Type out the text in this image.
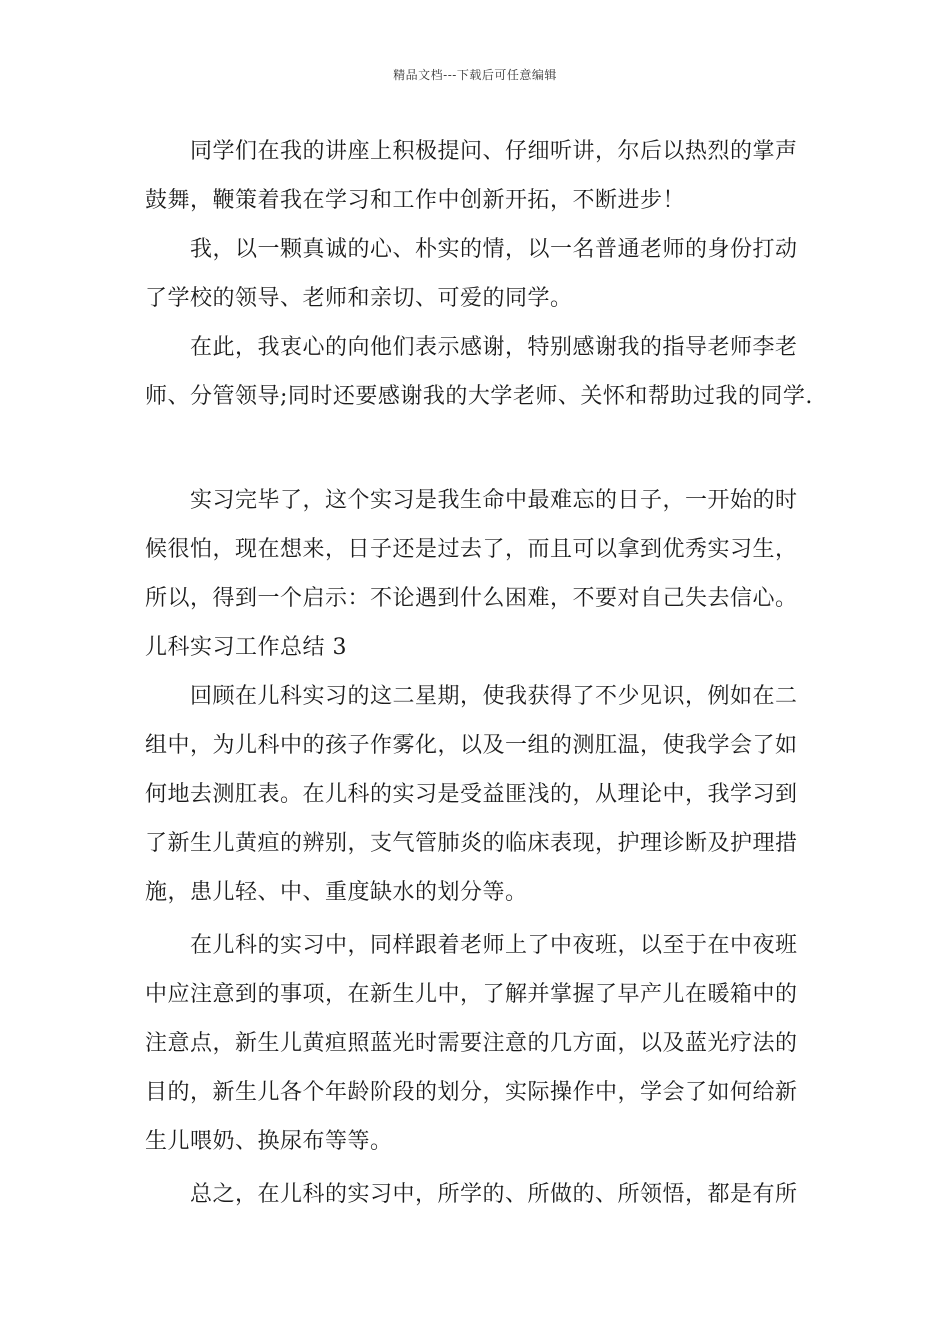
精品文档---下载后可任意编辑
　　同学们在我的讲座上积极提问、仔细听讲，尔后以热烈的掌声
鼓舞，鞭策着我在学习和工作中创新开拓，不断进步！
　　我，以一颗真诚的心、朴实的情，以一名普通老师的身份打动
了学校的领导、老师和亲切、可爱的同学。
　　在此，我衷心的向他们表示感谢，特别感谢我的指导老师李老
师、分管领导;同时还要感谢我的大学老师、关怀和帮助过我的同学.
　　实习完毕了，这个实习是我生命中最难忘的日子，一开始的时
候很怕，现在想来，日子还是过去了，而且可以拿到优秀实习生，
所以，得到一个启示：不论遇到什么困难，不要对自己失去信心。
儿科实习工作总结 3
　　回顾在儿科实习的这二星期，使我获得了不少见识，例如在二
组中，为儿科中的孩子作雾化，以及一组的测肛温，使我学会了如
何地去测肛表。在儿科的实习是受益匪浅的，从理论中，我学习到
了新生儿黄疸的辨别，支气管肺炎的临床表现，护理诊断及护理措
施，患儿轻、中、重度缺水的划分等。
　　在儿科的实习中，同样跟着老师上了中夜班，以至于在中夜班
中应注意到的事项，在新生儿中，了解并掌握了早产儿在暖箱中的
注意点，新生儿黄疸照蓝光时需要注意的几方面，以及蓝光疗法的
目的，新生儿各个年龄阶段的划分，实际操作中，学会了如何给新
生儿喂奶、换尿布等等。
　　总之，在儿科的实习中，所学的、所做的、所领悟，都是有所
